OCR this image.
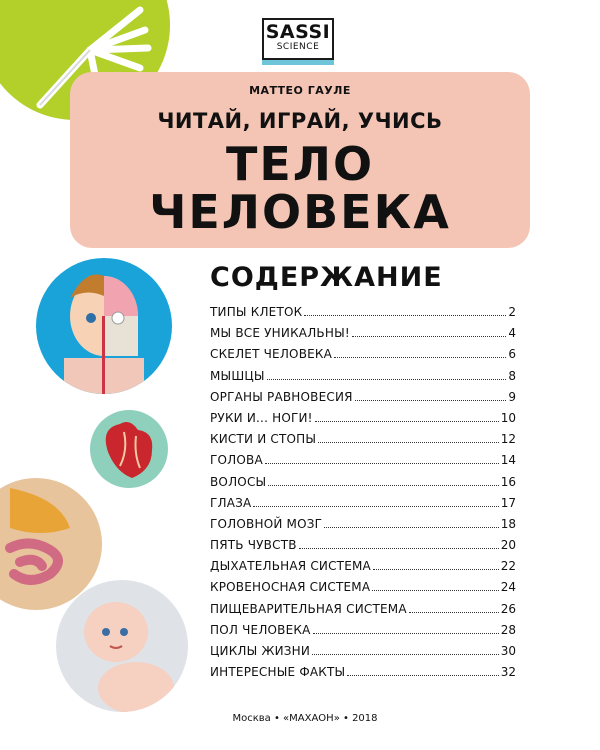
SASSI
SCIENCE
МАТТЕО ГАУЛЕ
ЧИТАЙ, ИГРАЙ, УЧИСЬ
ТЕЛО
ЧЕЛОВЕКА
СОДЕРЖАНИЕ
ТИПЫ КЛЕТОК	2
МЫ ВСЕ УНИКАЛЬНЫ!	4
СКЕЛЕТ ЧЕЛОВЕКА	6
МЫШЦЫ	8
ОРГАНЫ РАВНОВЕСИЯ	9
РУКИ И... НОГИ!	10
КИСТИ И СТОПЫ	12
ГОЛОВА	14
ВОЛОСЫ	16
ГЛАЗА	17
ГОЛОВНОЙ МОЗГ	18
ПЯТЬ ЧУВСТВ	20
ДЫХАТЕЛЬНАЯ СИСТЕМА	22
КРОВЕНОСНАЯ СИСТЕМА	24
ПИЩЕВАРИТЕЛЬНАЯ СИСТЕМА	26
ПОЛ ЧЕЛОВЕКА	28
ЦИКЛЫ ЖИЗНИ	30
ИНТЕРЕСНЫЕ ФАКТЫ	32
Москва • «МАХАОН» • 2018
